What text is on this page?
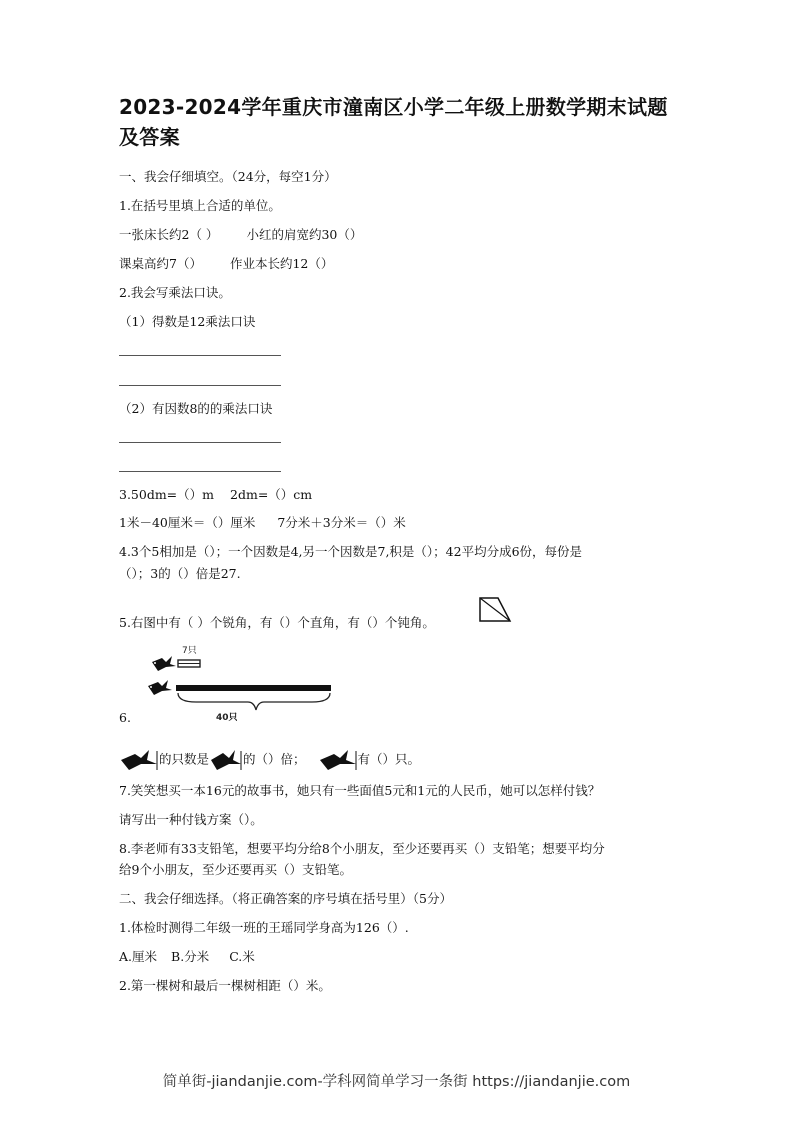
2023-2024学年重庆市潼南区小学二年级上册数学期末试题及答案
一、我会仔细填空。（24分，每空1分）
1.在括号里填上合适的单位。
一张床长约2（ ） 小红的肩宽约30（）
课桌高约7（） 作业本长约12（）
2.我会写乘法口诀。
（1）得数是12乘法口诀
（2）有因数8的的乘法口诀
3.50dm=（）m 2dm=（）cm
1米－40厘米＝（）厘米 7分米＋3分米＝（）米
4.3个5相加是（）；一个因数是4,另一个因数是7,积是（）；42平均分成6份，每份是
（）；3的（）倍是27.
5.右图中有（ ）个锐角，有（）个直角，有（）个钝角。
7只
40只
6.
的只数是	的（）倍；	有（）只。
7.笑笑想买一本16元的故事书，她只有一些面值5元和1元的人民币，她可以怎样付钱？
请写出一种付钱方案（）。
8.李老师有33支铅笔，想要平均分给8个小朋友，至少还要再买（）支铅笔；想要平均分
给9个小朋友，至少还要再买（）支铅笔。
二、我会仔细选择。（将正确答案的序号填在括号里）（5分）
1.体检时测得二年级一班的王瑶同学身高为126（）.
A.厘米 B.分米 C.米
2.第一棵树和最后一棵树相距（）米。
简单街-jiandanjie.com-学科网简单学习一条街 https://jiandanjie.com
